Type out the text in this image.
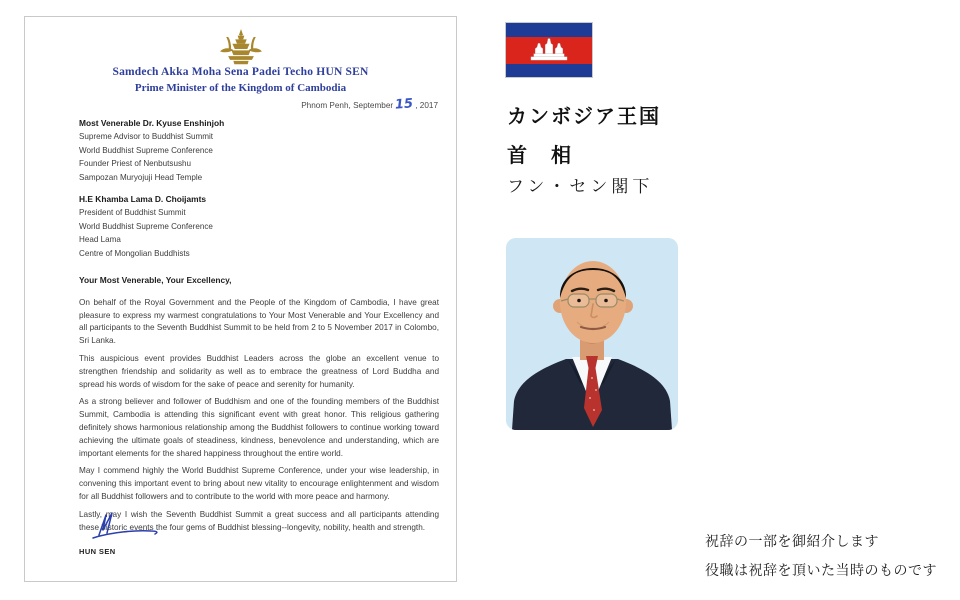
Samdech Akka Moha Sena Padei Techo HUN SEN
Prime Minister of the Kingdom of Cambodia
Phnom Penh, September15, 2017
Most Venerable Dr. Kyuse Enshinjoh
Supreme Advisor to Buddhist Summit
World Buddhist Supreme Conference
Founder Priest of Nenbutsushu
Sampozan Muryojuji Head Temple
H.E Khamba Lama D. Choijamts
President of Buddhist Summit
World Buddhist Supreme Conference
Head Lama
Centre of Mongolian Buddhists
Your Most Venerable, Your Excellency,

On behalf of the Royal Government and the People of the Kingdom of Cambodia, I have great pleasure to express my warmest congratulations to Your Most Venerable and Your Excellency and all participants to the Seventh Buddhist Summit to be held from 2 to 5 November 2017 in Colombo, Sri Lanka.

This auspicious event provides Buddhist Leaders across the globe an excellent venue to strengthen friendship and solidarity as well as to embrace the greatness of Lord Buddha and spread his words of wisdom for the sake of peace and serenity for humanity.

As a strong believer and follower of Buddhism and one of the founding members of the Buddhist Summit, Cambodia is attending this significant event with great honor. This religious gathering definitely shows harmonious relationship among the Buddhist followers to continue working toward achieving the ultimate goals of steadiness, kindness, benevolence and understanding, which are important elements for the shared happiness throughout the entire world.

May I commend highly the World Buddhist Supreme Conference, under your wise leadership, in convening this important event to bring about new vitality to encourage enlightenment and wisdom for all Buddhist followers and to contribute to the world with more peace and harmony.

Lastly, may I wish the Seventh Buddhist Summit a great success and all participants attending these historic events the four gems of Buddhist blessing--longevity, nobility, health and strength.

HUN SEN
カンボジア王国
首　相
フン・セン閣下
祝辞の一部を御紹介します
役職は祝辞を頂いた当時のものです
